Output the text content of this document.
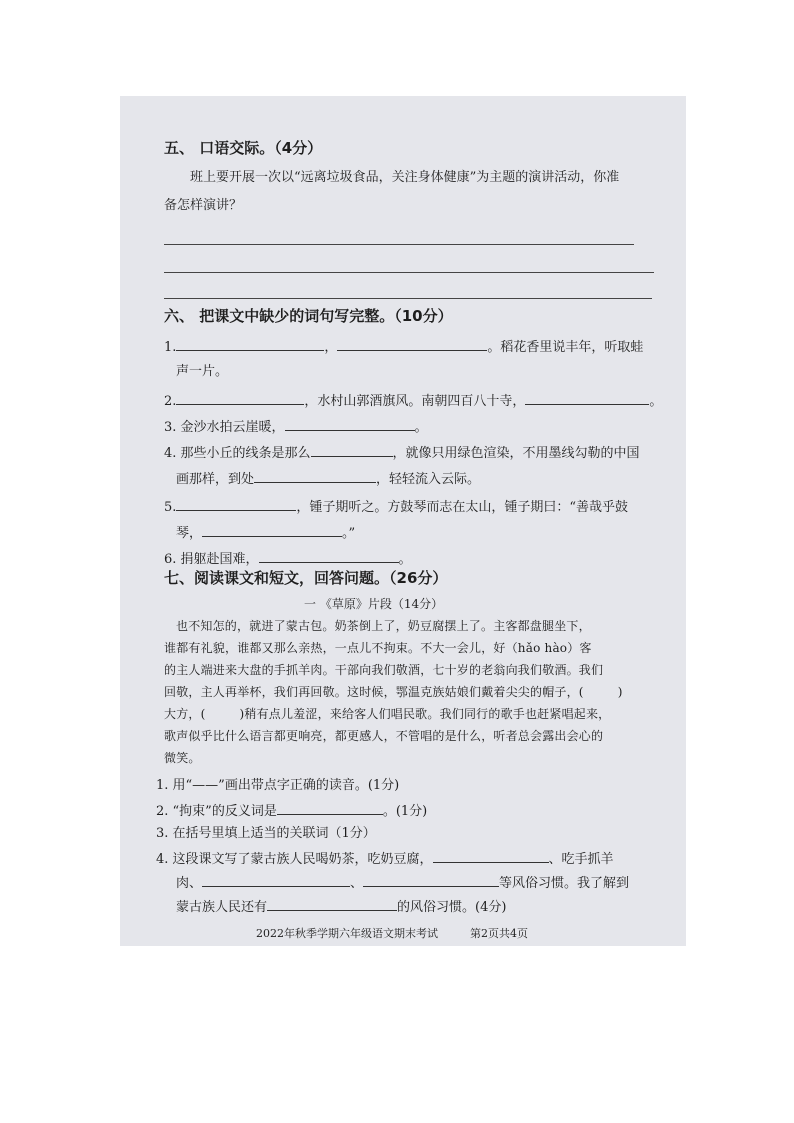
五、 口语交际。（4分）
班上要开展一次以“远离垃圾食品，关注身体健康”为主题的演讲活动，你准
备怎样演讲？
六、 把课文中缺少的词句写完整。（10分）
1.	，	。稻花香里说丰年，听取蛙
声一片。
2.	，水村山郭酒旗风。南朝四百八十寺，	。
3. 金沙水拍云崖暖，	。
4. 那些小丘的线条是那么	，就像只用绿色渲染，不用墨线勾勒的中国
画那样，到处	，轻轻流入云际。
5.	，锺子期听之。方鼓琴而志在太山，锺子期曰：“善哉乎鼓
琴，	。”
6. 捐躯赴国难，	。
七、阅读课文和短文，回答问题。（26分）
一 《草原》片段（14分）
也不知怎的，就进了蒙古包。奶茶倒上了，奶豆腐摆上了。主客都盘腿坐下，
谁都有礼貌，谁都又那么亲热，一点儿不拘束。不大一会儿，好（hǎo hào）客
的主人端进来大盘的手抓羊肉。干部向我们敬酒，七十岁的老翁向我们敬酒。我们
回敬，主人再举杯，我们再回敬。这时候，鄂温克族姑娘们戴着尖尖的帽子，(	)
大方，(	)稍有点儿羞涩，来给客人们唱民歌。我们同行的歌手也赶紧唱起来，
歌声似乎比什么语言都更响亮，都更感人，不管唱的是什么，听者总会露出会心的
微笑。
1. 用“——”画出带点字正确的读音。(1分)
2. “拘束”的反义词是	。(1分)
3. 在括号里填上适当的关联词（1分）
4. 这段课文写了蒙古族人民喝奶茶，吃奶豆腐，	、吃手抓羊
肉、	、	等风俗习惯。我了解到
蒙古族人民还有	的风俗习惯。(4分)
2022年秋季学期六年级语文期末考试	第2页共4页
